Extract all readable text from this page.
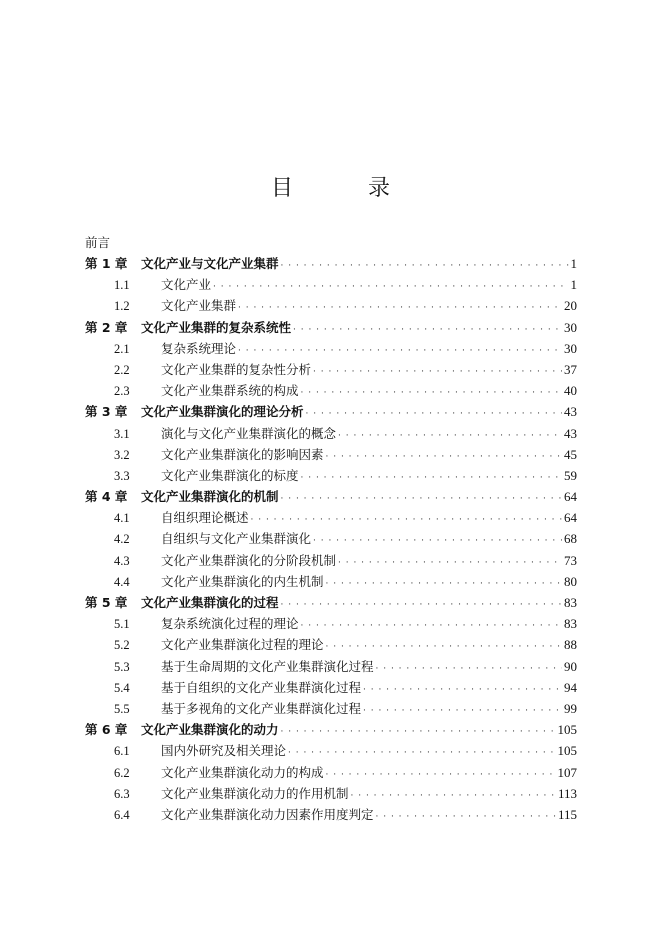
目 录
前言
第 1 章	文化产业与文化产业集群 · · ·	1
1.1	文化产业 · · ·	1
1.2	文化产业集群 · · ·	20
第 2 章	文化产业集群的复杂系统性 · · ·	30
2.1	复杂系统理论 · · ·	30
2.2	文化产业集群的复杂性分析 · · ·	37
2.3	文化产业集群系统的构成 · · ·	40
第 3 章	文化产业集群演化的理论分析 · · ·	43
3.1	演化与文化产业集群演化的概念 · · ·	43
3.2	文化产业集群演化的影响因素 · · ·	45
3.3	文化产业集群演化的标度 · · ·	59
第 4 章	文化产业集群演化的机制 · · ·	64
4.1	自组织理论概述 · · ·	64
4.2	自组织与文化产业集群演化 · · ·	68
4.3	文化产业集群演化的分阶段机制 · · ·	73
4.4	文化产业集群演化的内生机制 · · ·	80
第 5 章	文化产业集群演化的过程 · · ·	83
5.1	复杂系统演化过程的理论 · · ·	83
5.2	文化产业集群演化过程的理论 · · ·	88
5.3	基于生命周期的文化产业集群演化过程 · · ·	90
5.4	基于自组织的文化产业集群演化过程 · · ·	94
5.5	基于多视角的文化产业集群演化过程 · · ·	99
第 6 章	文化产业集群演化的动力 · · ·	105
6.1	国内外研究及相关理论 · · ·	105
6.2	文化产业集群演化动力的构成 · · ·	107
6.3	文化产业集群演化动力的作用机制 · · ·	113
6.4	文化产业集群演化动力因素作用度判定 · · ·	115
